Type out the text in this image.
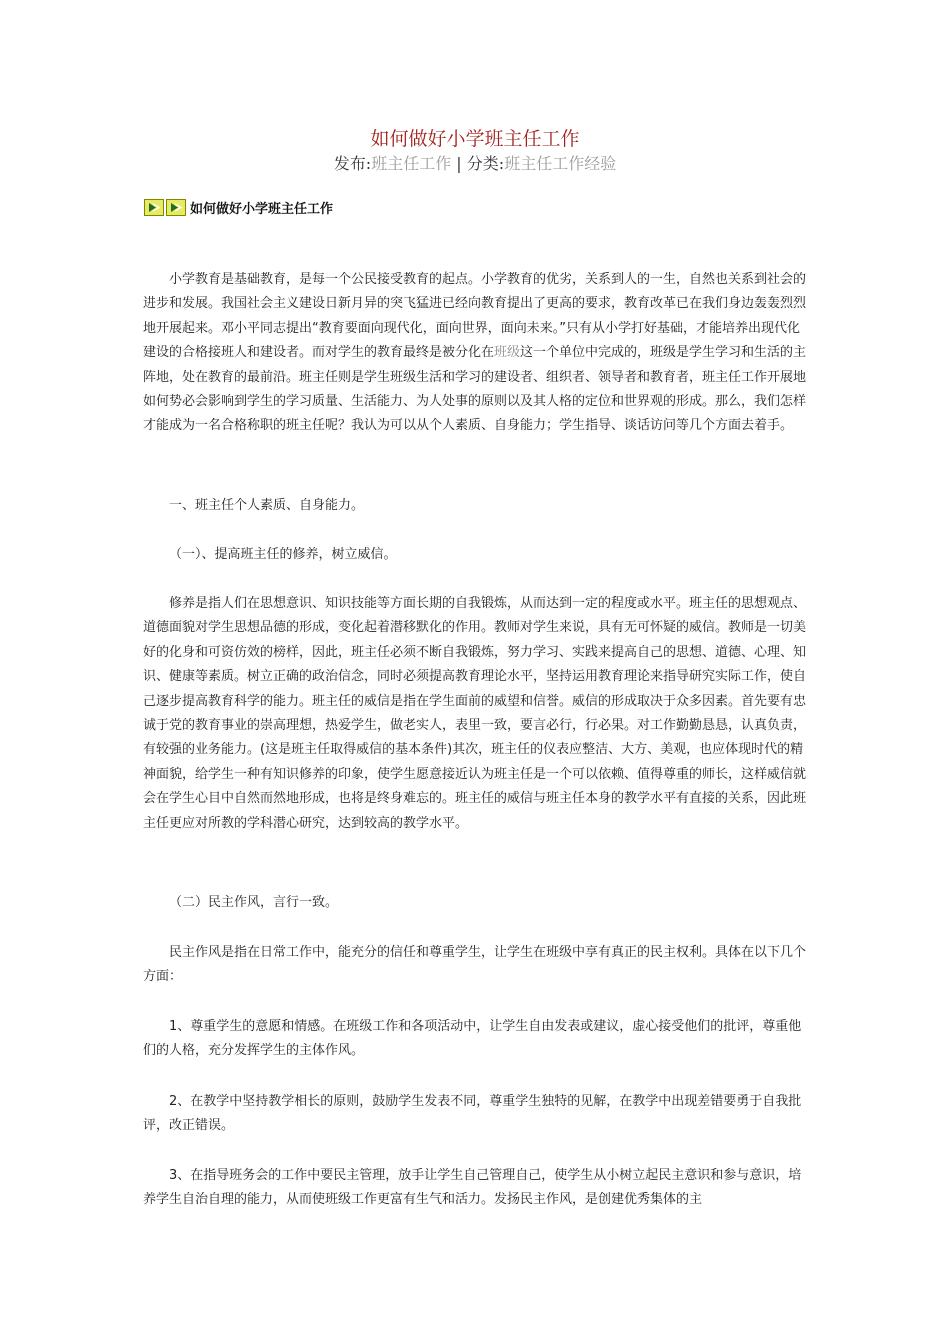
如何做好小学班主任工作
发布:班主任工作 | 分类:班主任工作经验
如何做好小学班主任工作

小学教育是基础教育，是每一个公民接受教育的起点。小学教育的优劣，关系到人的一生，自然也关系到社会的进步和发展。我国社会主义建设日新月异的突飞猛进已经向教育提出了更高的要求，教育改革已在我们身边轰轰烈烈地开展起来。邓小平同志提出“教育要面向现代化，面向世界，面向未来。”只有从小学打好基础，才能培养出现代化建设的合格接班人和建设者。而对学生的教育最终是被分化在班级这一个单位中完成的，班级是学生学习和生活的主阵地，处在教育的最前沿。班主任则是学生班级生活和学习的建设者、组织者、领导者和教育者，班主任工作开展地如何势必会影响到学生的学习质量、生活能力、为人处事的原则以及其人格的定位和世界观的形成。那么，我们怎样才能成为一名合格称职的班主任呢？我认为可以从个人素质、自身能力；学生指导、谈话访问等几个方面去着手。

一、班主任个人素质、自身能力。

（一）、提高班主任的修养，树立威信。

修养是指人们在思想意识、知识技能等方面长期的自我锻炼，从而达到一定的程度或水平。班主任的思想观点、道德面貌对学生思想品德的形成，变化起着潜移默化的作用。教师对学生来说，具有无可怀疑的威信。教师是一切美好的化身和可资仿效的榜样，因此，班主任必须不断自我锻炼，努力学习、实践来提高自己的思想、道德、心理、知识、健康等素质。树立正确的政治信念，同时必须提高教育理论水平，坚持运用教育理论来指导研究实际工作，使自己逐步提高教育科学的能力。班主任的威信是指在学生面前的威望和信誉。威信的形成取决于众多因素。首先要有忠诚于党的教育事业的崇高理想，热爱学生，做老实人，表里一致，要言必行，行必果。对工作勤勤恳恳，认真负责，有较强的业务能力。(这是班主任取得威信的基本条件)其次，班主任的仪表应整洁、大方、美观，也应体现时代的精神面貌，给学生一种有知识修养的印象，使学生愿意接近认为班主任是一个可以依赖、值得尊重的师长，这样威信就会在学生心目中自然而然地形成，也将是终身难忘的。班主任的威信与班主任本身的教学水平有直接的关系，因此班主任更应对所教的学科潜心研究，达到较高的教学水平。

（二）民主作风，言行一致。

民主作风是指在日常工作中，能充分的信任和尊重学生，让学生在班级中享有真正的民主权利。具体在以下几个方面：

1、尊重学生的意愿和情感。在班级工作和各项活动中，让学生自由发表或建议，虚心接受他们的批评，尊重他们的人格，充分发挥学生的主体作风。

2、在教学中坚持教学相长的原则，鼓励学生发表不同，尊重学生独特的见解，在教学中出现差错要勇于自我批评，改正错误。

3、在指导班务会的工作中要民主管理，放手让学生自己管理自己，使学生从小树立起民主意识和参与意识，培养学生自治自理的能力，从而使班级工作更富有生气和活力。发扬民主作风，是创建优秀集体的主
